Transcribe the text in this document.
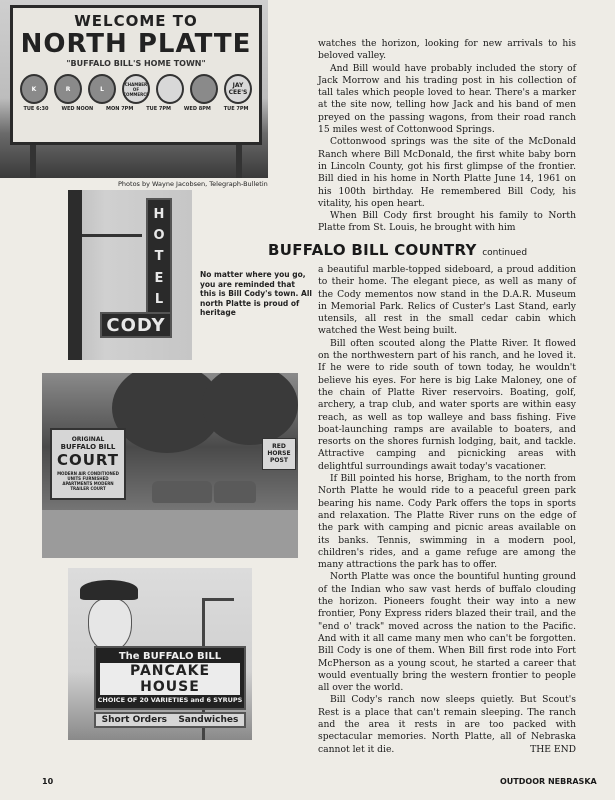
WELCOME TO
NORTH PLATTE
"BUFFALO BILL'S HOME TOWN"
K	R	L
CHAMBER OF COMMERCE
JAY CEE'S
TUE 6:30	WED NOON	MON 7PM	TUE 7PM	WED 8PM	TUE 7PM
Photos by Wayne Jacobsen, Telegraph-Bulletin
H
O
T
E
L
CODY
No matter where you go, you are reminded that this is Bill Cody's town. All north Platte is proud of heritage
ORIGINAL
BUFFALO BILL
COURT
MODERN AIR CONDITIONED UNITS FURNISHED APARTMENTS MODERN TRAILER COURT
RED HORSE POST
The BUFFALO BILL
PANCAKE HOUSE
CHOICE OF 20 VARIETIES and 6 SYRUPS
Short Orders Sandwiches

watches the horizon, looking for new arrivals to his beloved valley.

And Bill would have probably included the story of Jack Morrow and his trading post in his collection of tall tales which people loved to hear. There's a marker at the site now, telling how Jack and his band of men preyed on the passing wagons, from their road ranch 15 miles west of Cottonwood Springs.

Cottonwood springs was the site of the McDonald Ranch where Bill McDonald, the first white baby born in Lincoln County, got his first glimpse of the frontier. Bill died in his home in North Platte June 14, 1961 on his 100th birthday. He remembered Bill Cody, his vitality, his open heart.

When Bill Cody first brought his family to North Platte from St. Louis, he brought with him

BUFFALO BILL COUNTRY continued

a beautiful marble-topped sideboard, a proud addition to their home. The elegant piece, as well as many of the Cody mementos now stand in the D.A.R. Museum in Memorial Park. Relics of Custer's Last Stand, early utensils, all rest in the small cedar cabin which watched the West being built.

Bill often scouted along the Platte River. It flowed on the northwestern part of his ranch, and he loved it. If he were to ride south of town today, he wouldn't believe his eyes. For here is big Lake Maloney, one of the chain of Platte River reservoirs. Boating, golf, archery, a trap club, and water sports are within easy reach, as well as top walleye and bass fishing. Five boat-launching ramps are available to boaters, and resorts on the shores furnish lodging, bait, and tackle. Attractive camping and picnicking areas with delightful surroundings await today's vacationer.

If Bill pointed his horse, Brigham, to the north from North Platte he would ride to a peaceful green park bearing his name. Cody Park offers the tops in sports and relaxation. The Platte River runs on the edge of the park with camping and picnic areas available on its banks. Tennis, swimming in a modern pool, children's rides, and a game refuge are among the many attractions the park has to offer.

North Platte was once the bountiful hunting ground of the Indian who saw vast herds of buffalo clouding the horizon. Pioneers fought their way into a new frontier, Pony Express riders blazed their trail, and the "end o' track" moved across the nation to the Pacific. And with it all came many men who can't be forgotten. Bill Cody is one of them. When Bill first rode into Fort McPherson as a young scout, he started a career that would eventually bring the western frontier to people all over the world.

Bill Cody's ranch now sleeps quietly. But Scout's Rest is a place that can't remain sleeping. The ranch and the area it rests in are too packed with spectacular memories. North Platte, all of Nebraska cannot let it die.	THE END

10	OUTDOOR NEBRASKA
